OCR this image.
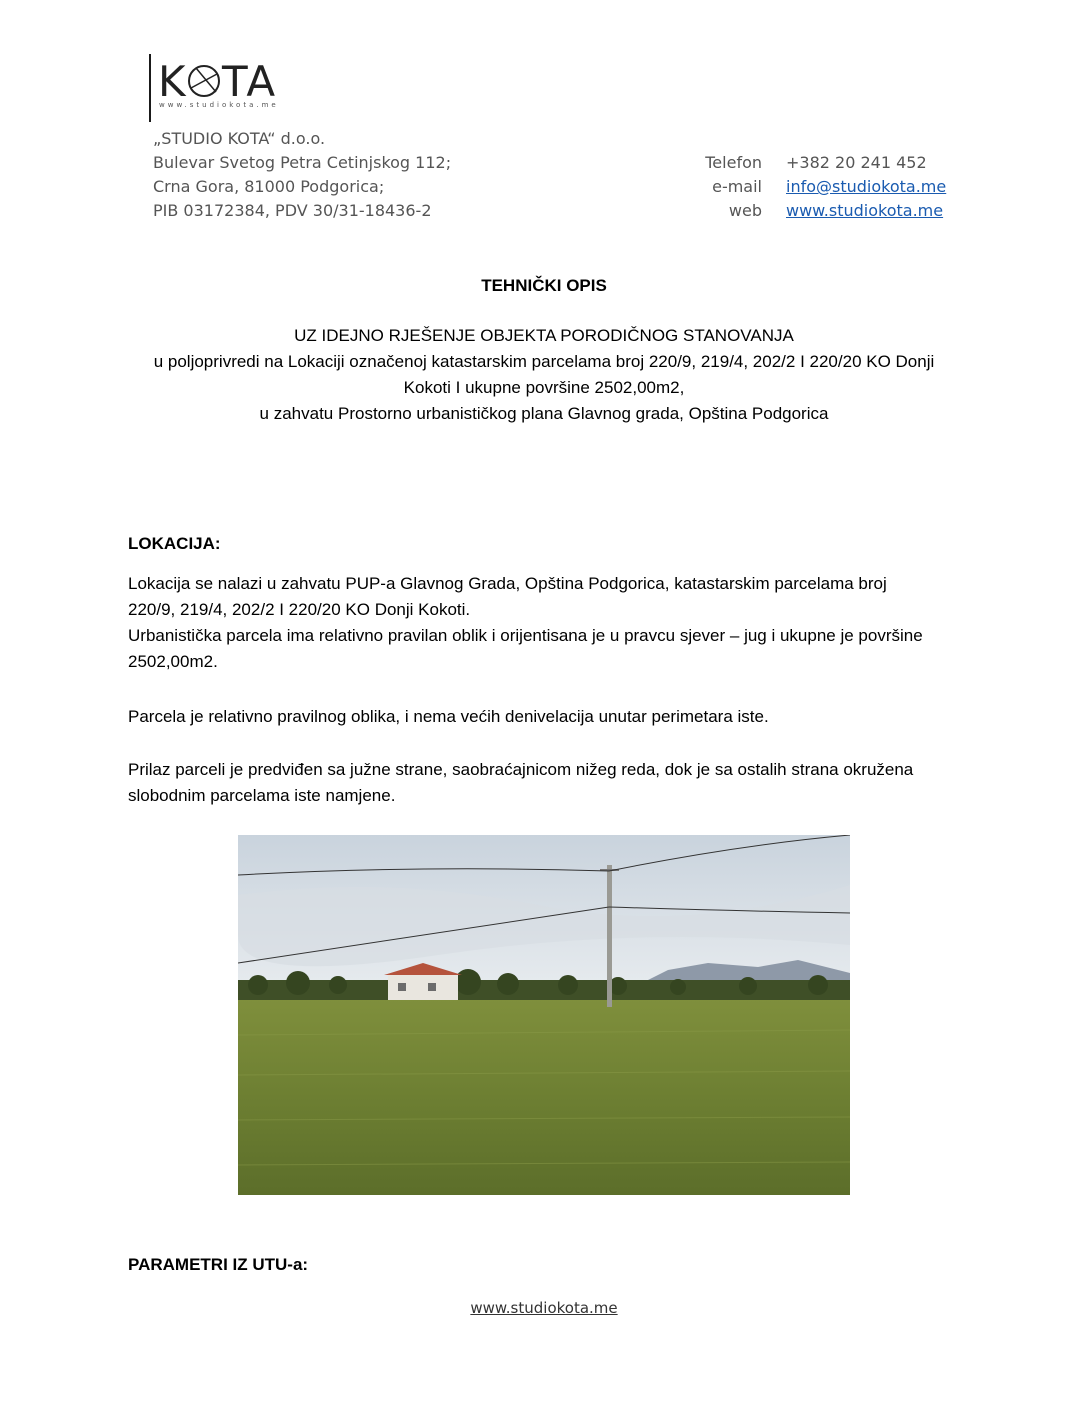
K TA
www.studiokota.me
„STUDIO KOTA“ d.o.o.
Bulevar Svetog Petra Cetinjskog 112;
Crna Gora, 81000 Podgorica;
PIB 03172384, PDV 30/31-18436-2
Telefon
e-mail
web
+382 20 241 452
info@studiokota.me
www.studiokota.me
TEHNIČKI OPIS
UZ IDEJNO RJEŠENJE OBJEKTA PORODIČNOG STANOVANJA
u poljoprivredi na Lokaciji označenoj katastarskim parcelama broj 220/9, 219/4, 202/2 I 220/20 KO Donji
Kokoti I ukupne površine 2502,00m2,
u zahvatu Prostorno urbanističkog plana Glavnog grada, Opština Podgorica
LOKACIJA:
Lokacija se nalazi u zahvatu PUP-a Glavnog Grada, Opština Podgorica, katastarskim parcelama broj
220/9, 219/4, 202/2 I 220/20 KO Donji Kokoti.
Urbanistička parcela ima relativno pravilan oblik i orijentisana je u pravcu sjever – jug i ukupne je površine
2502,00m2.
Parcela je relativno pravilnog oblika, i nema većih denivelacija unutar perimetara iste.
Prilaz parceli je predviđen sa južne strane, saobraćajnicom nižeg reda, dok je sa ostalih strana okružena
slobodnim parcelama iste namjene.
PARAMETRI IZ UTU-a:
www.studiokota.me
